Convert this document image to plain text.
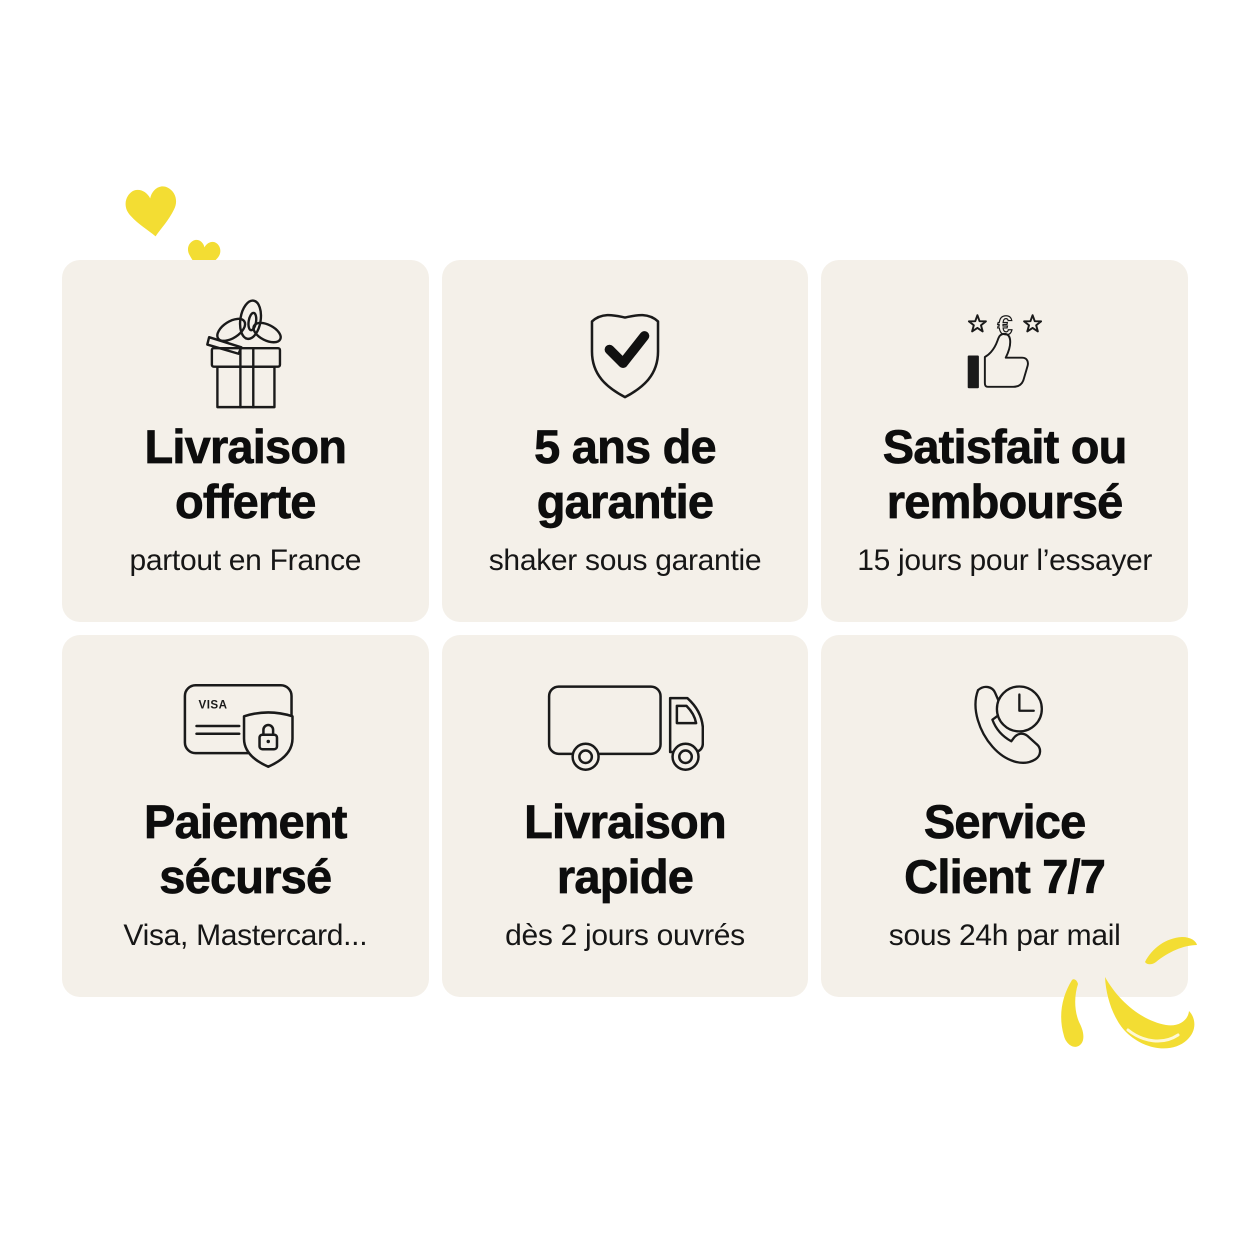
Livraison
offerte
partout en France
5 ans de
garantie
shaker sous garantie
€
Satisfait ou
remboursé
15 jours pour l’essayer
VISA
Paiement
sécursé
Visa, Mastercard...
Livraison
rapide
dès 2 jours ouvrés
Service
Client 7/7
sous 24h par mail
